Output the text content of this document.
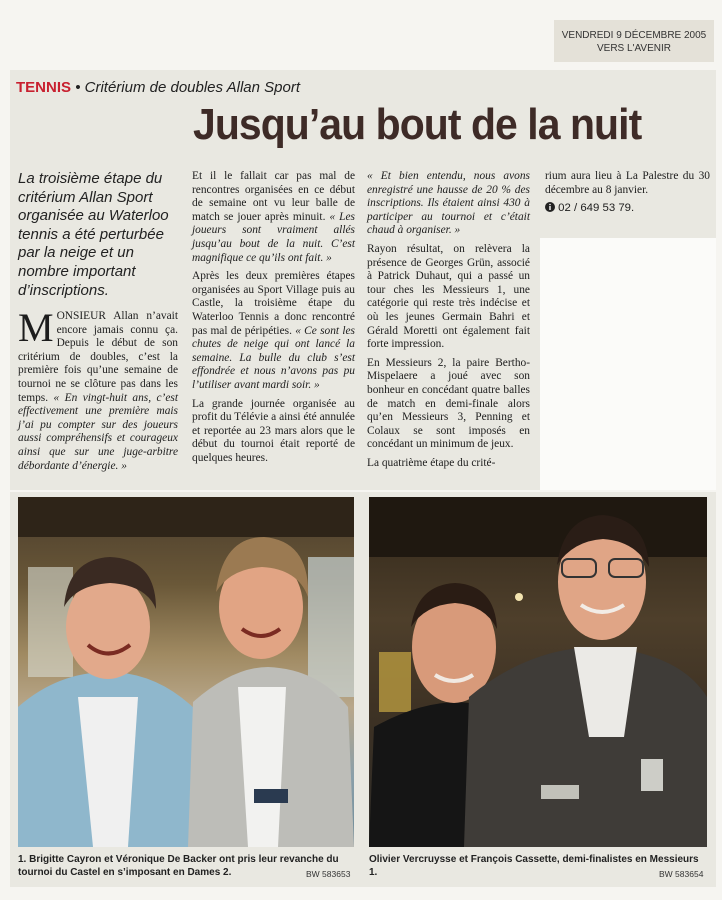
VENDREDI 9 DÉCEMBRE 2005
VERS L'AVENIR
TENNIS • Critérium de doubles Allan Sport
Jusqu’au bout de la nuit
La troisième étape du critérium Allan Sport organisée au Waterloo tennis a été perturbée par la neige et un nombre important d’inscriptions.

MONSIEUR Allan n’avait encore jamais connu ça. Depuis le début de son critérium de doubles, c’est la première fois qu’une semaine de tournoi ne se clôture pas dans les temps. « En vingt-huit ans, c’est effectivement une première mais j’ai pu compter sur des joueurs aussi compréhensifs et courageux ainsi que sur une juge-arbitre débordante d’énergie. »

Et il le fallait car pas mal de rencontres organisées en ce début de semaine ont vu leur balle de match se jouer après minuit. « Les joueurs sont vraiment allés jusqu’au bout de la nuit. C’est magnifique ce qu’ils ont fait. »

Après les deux premières étapes organisées au Sport Village puis au Castle, la troisième étape du Waterloo Tennis a donc rencontré pas mal de péripéties. « Ce sont les chutes de neige qui ont lancé la semaine. La bulle du club s’est effondrée et nous n’avons pas pu l’utiliser avant mardi soir. »

La grande journée organisée au profit du Télévie a ainsi été annulée et reportée au 23 mars alors que le début du tournoi était reporté de quelques heures.

« Et bien entendu, nous avons enregistré une hausse de 20 % des inscriptions. Ils étaient ainsi 430 à participer au tournoi et c’était chaud à organiser. »

Rayon résultat, on relèvera la présence de Georges Grün, associé à Patrick Duhaut, qui a passé un tour ches les Messieurs 1, une catégorie qui reste très indécise et où les jeunes Germain Bahri et Gérald Moretti ont également fait forte impression.

En Messieurs 2, la paire Bertho-Mispelaere a joué avec son bonheur en concédant quatre balles de match en demi-finale alors qu’en Messieurs 3, Penning et Colaux se sont imposés en concédant un minimum de jeux.

La quatrième étape du crité-

rium aura lieu à La Palestre du 30 décembre au 8 janvier.

02 / 649 53 79.

1. Brigitte Cayron et Véronique De Backer ont pris leur revanche du tournoi du Castel en s’imposant en Dames 2.	BW 583653
Olivier Vercruysse et François Cassette, demi-finalistes en Messieurs 1.	BW 583654
